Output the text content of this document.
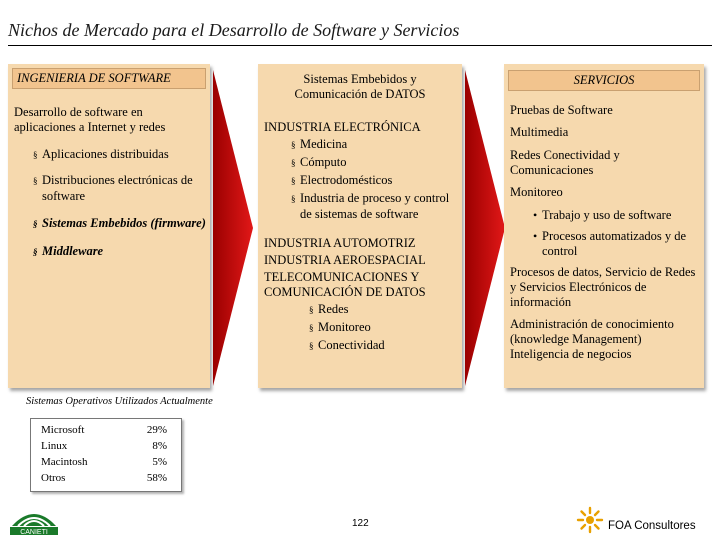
Nichos de Mercado para el Desarrollo de Software y Servicios
INGENIERIA DE SOFTWARE
Desarrollo de software en aplicaciones a Internet y redes
§ Aplicaciones distribuidas
§ Distribuciones electrónicas de software
§ Sistemas Embebidos (firmware)
§ Middleware
Sistemas Embebidos y Comunicación de DATOS
INDUSTRIA ELECTRÓNICA
§ Medicina
§ Cómputo
§ Electrodomésticos
§ Industria de proceso y control de sistemas de software
INDUSTRIA AUTOMOTRIZ
INDUSTRIA AEROESPACIAL
TELECOMUNICACIONES Y COMUNICACIÓN DE DATOS
§ Redes
§ Monitoreo
§ Conectividad
SERVICIOS
Pruebas de Software
Multimedia
Redes Conectividad y Comunicaciones
Monitoreo
• Trabajo y uso de software
• Procesos automatizados y de control
Procesos de datos, Servicio de Redes y Servicios Electrónicos de información
Administración de conocimiento (knowledge Management) Inteligencia de negocios
Sistemas Operativos Utilizados Actualmente
Microsoft	29%
Linux	8%
Macintosh	5%
Otros	58%
CANIETI
122	FOA Consultores
